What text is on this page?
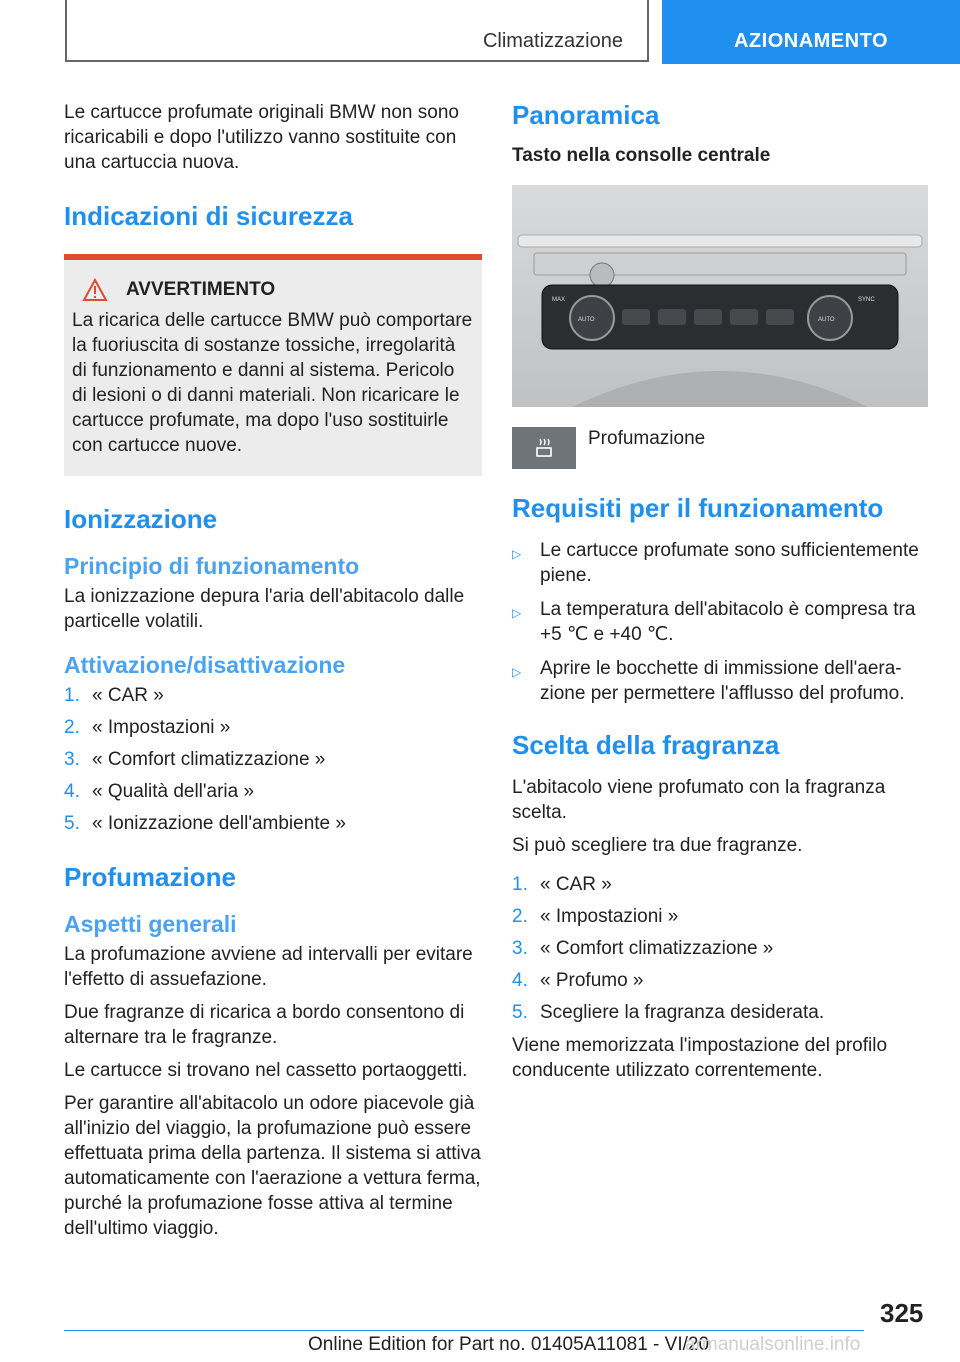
Climatizzazione	AZIONAMENTO

Le cartucce profumate originali BMW non sono ricaricabili e dopo l'utilizzo vanno sostituite con una cartuccia nuova.

Indicazioni di sicurezza
AVVERTIMENTO

La ricarica delle cartucce BMW può comportare la fuoriuscita di sostanze tossiche, irregolarità di funzionamento e danni al sistema. Pericolo di lesioni o di danni materiali. Non ricaricare le cartucce profumate, ma dopo l'uso sostituirle con cartucce nuove.

Ionizzazione
Principio di funzionamento

La ionizzazione depura l'aria dell'abitacolo dalle particelle volatili.

Attivazione/disattivazione
1. « CAR »
2. « Impostazioni »
3. « Comfort climatizzazione »
4. « Qualità dell'aria »
5. « Ionizzazione dell'ambiente »
Profumazione
Aspetti generali

La profumazione avviene ad intervalli per evitare l'effetto di assuefazione.

Due fragranze di ricarica a bordo consentono di alternare tra le fragranze.

Le cartucce si trovano nel cassetto portaoggetti.

Per garantire all'abitacolo un odore piacevole già all'inizio del viaggio, la profumazione può essere effettuata prima della partenza. Il sistema si attiva automaticamente con l'aerazione a vettura ferma, purché la profumazione fosse attiva al termine dell'ultimo viaggio.

Panoramica
Tasto nella consolle centrale
MAX
AUTO	AUTO
SYNC
Profumazione
Requisiti per il funzionamento
▷ Le cartucce profumate sono sufficientemente piene.
▷ La temperatura dell'abitacolo è compresa tra +5 ℃ e +40 ℃.
▷ Aprire le bocchette di immissione dell'aerazione per permettere l'afflusso del profumo.
Scelta della fragranza

L'abitacolo viene profumato con la fragranza scelta.

Si può scegliere tra due fragranze.

1. « CAR »
2. « Impostazioni »
3. « Comfort climatizzazione »
4. « Profumo »
5. Scegliere la fragranza desiderata.

Viene memorizzata l'impostazione del profilo conducente utilizzato correntemente.

325
Online Edition for Part no. 01405A11081 - VI/20
armanualsonline.info
